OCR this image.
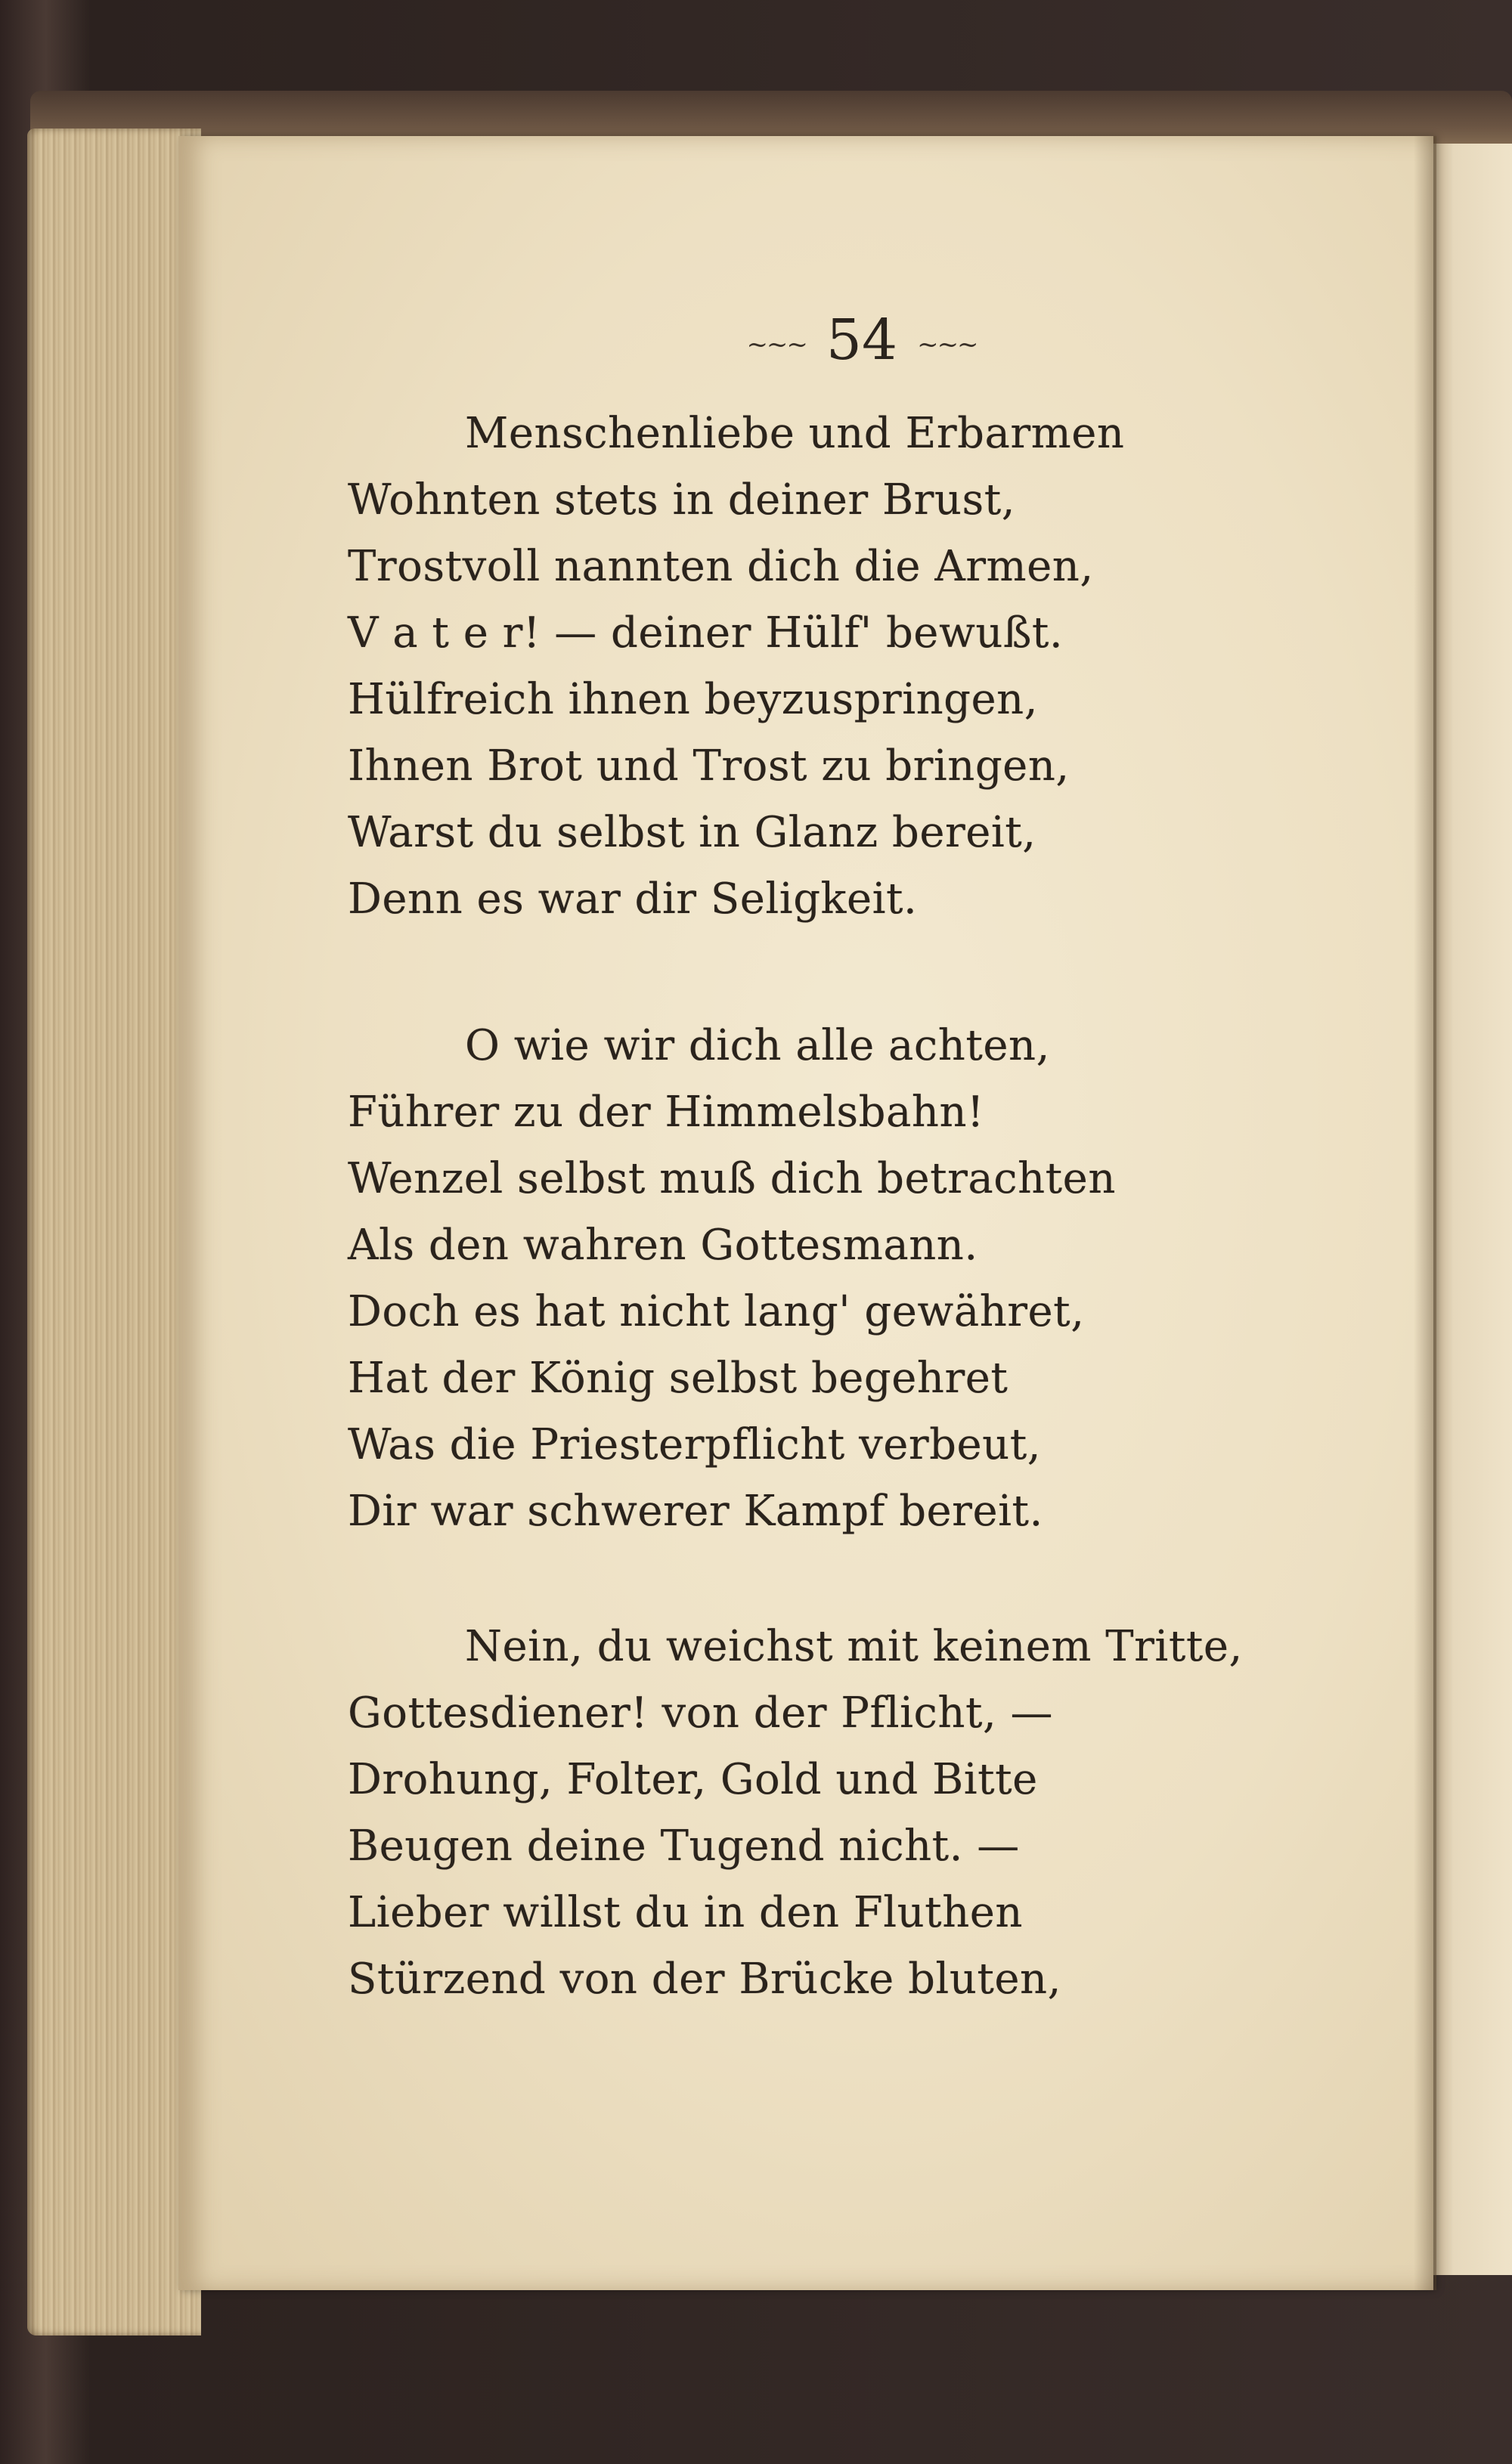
~~~ 54 ~~~
Menschenliebe und Erbarmen
Wohnten stets in deiner Brust,
Trostvoll nannten dich die Armen,
V a t e r! — deiner Hülf' bewußt.
Hülfreich ihnen beyzuspringen,
Ihnen Brot und Trost zu bringen,
Warst du selbst in Glanz bereit,
Denn es war dir Seligkeit.
O wie wir dich alle achten,
Führer zu der Himmelsbahn!
Wenzel selbst muß dich betrachten
Als den wahren Gottesmann.
Doch es hat nicht lang' gewähret,
Hat der König selbst begehret
Was die Priesterpflicht verbeut,
Dir war schwerer Kampf bereit.
Nein, du weichst mit keinem Tritte,
Gottesdiener! von der Pflicht, —
Drohung, Folter, Gold und Bitte
Beugen deine Tugend nicht. —
Lieber willst du in den Fluthen
Stürzend von der Brücke bluten,
